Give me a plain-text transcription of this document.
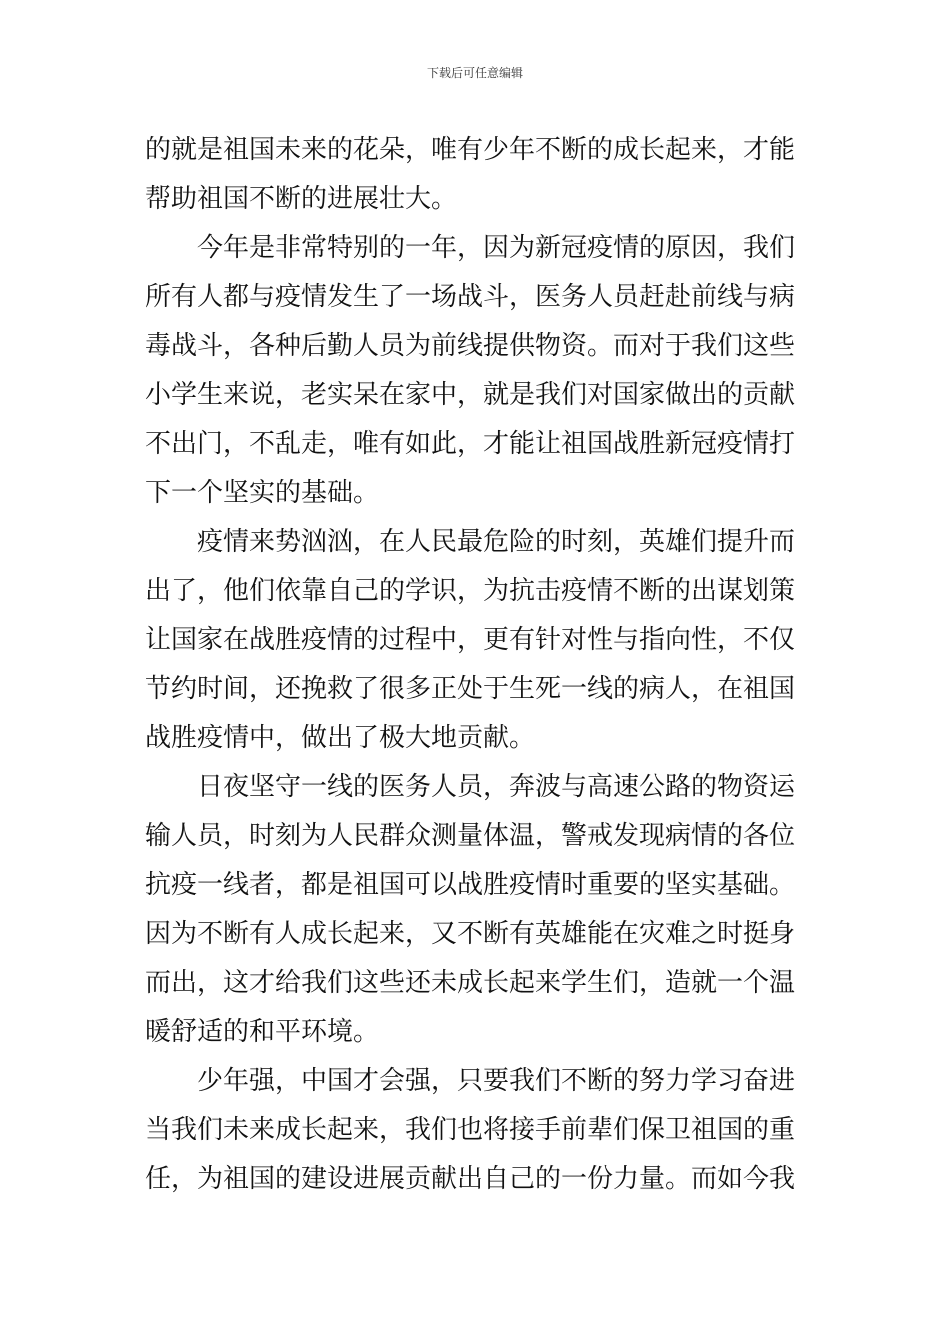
下载后可任意编辑
的就是祖国未来的花朵，唯有少年不断的成长起来，才能
帮助祖国不断的进展壮大。
今年是非常特别的一年，因为新冠疫情的原因，我们
所有人都与疫情发生了一场战斗，医务人员赶赴前线与病
毒战斗，各种后勤人员为前线提供物资。而对于我们这些
小学生来说，老实呆在家中，就是我们对国家做出的贡献
不出门，不乱走，唯有如此，才能让祖国战胜新冠疫情打
下一个坚实的基础。
疫情来势汹汹，在人民最危险的时刻，英雄们提升而
出了，他们依靠自己的学识，为抗击疫情不断的出谋划策
让国家在战胜疫情的过程中，更有针对性与指向性，不仅
节约时间，还挽救了很多正处于生死一线的病人，在祖国
战胜疫情中，做出了极大地贡献。
日夜坚守一线的医务人员，奔波与高速公路的物资运
输人员，时刻为人民群众测量体温，警戒发现病情的各位
抗疫一线者，都是祖国可以战胜疫情时重要的坚实基础。
因为不断有人成长起来，又不断有英雄能在灾难之时挺身
而出，这才给我们这些还未成长起来学生们，造就一个温
暖舒适的和平环境。
少年强，中国才会强，只要我们不断的努力学习奋进
当我们未来成长起来，我们也将接手前辈们保卫祖国的重
任，为祖国的建设进展贡献出自己的一份力量。而如今我
